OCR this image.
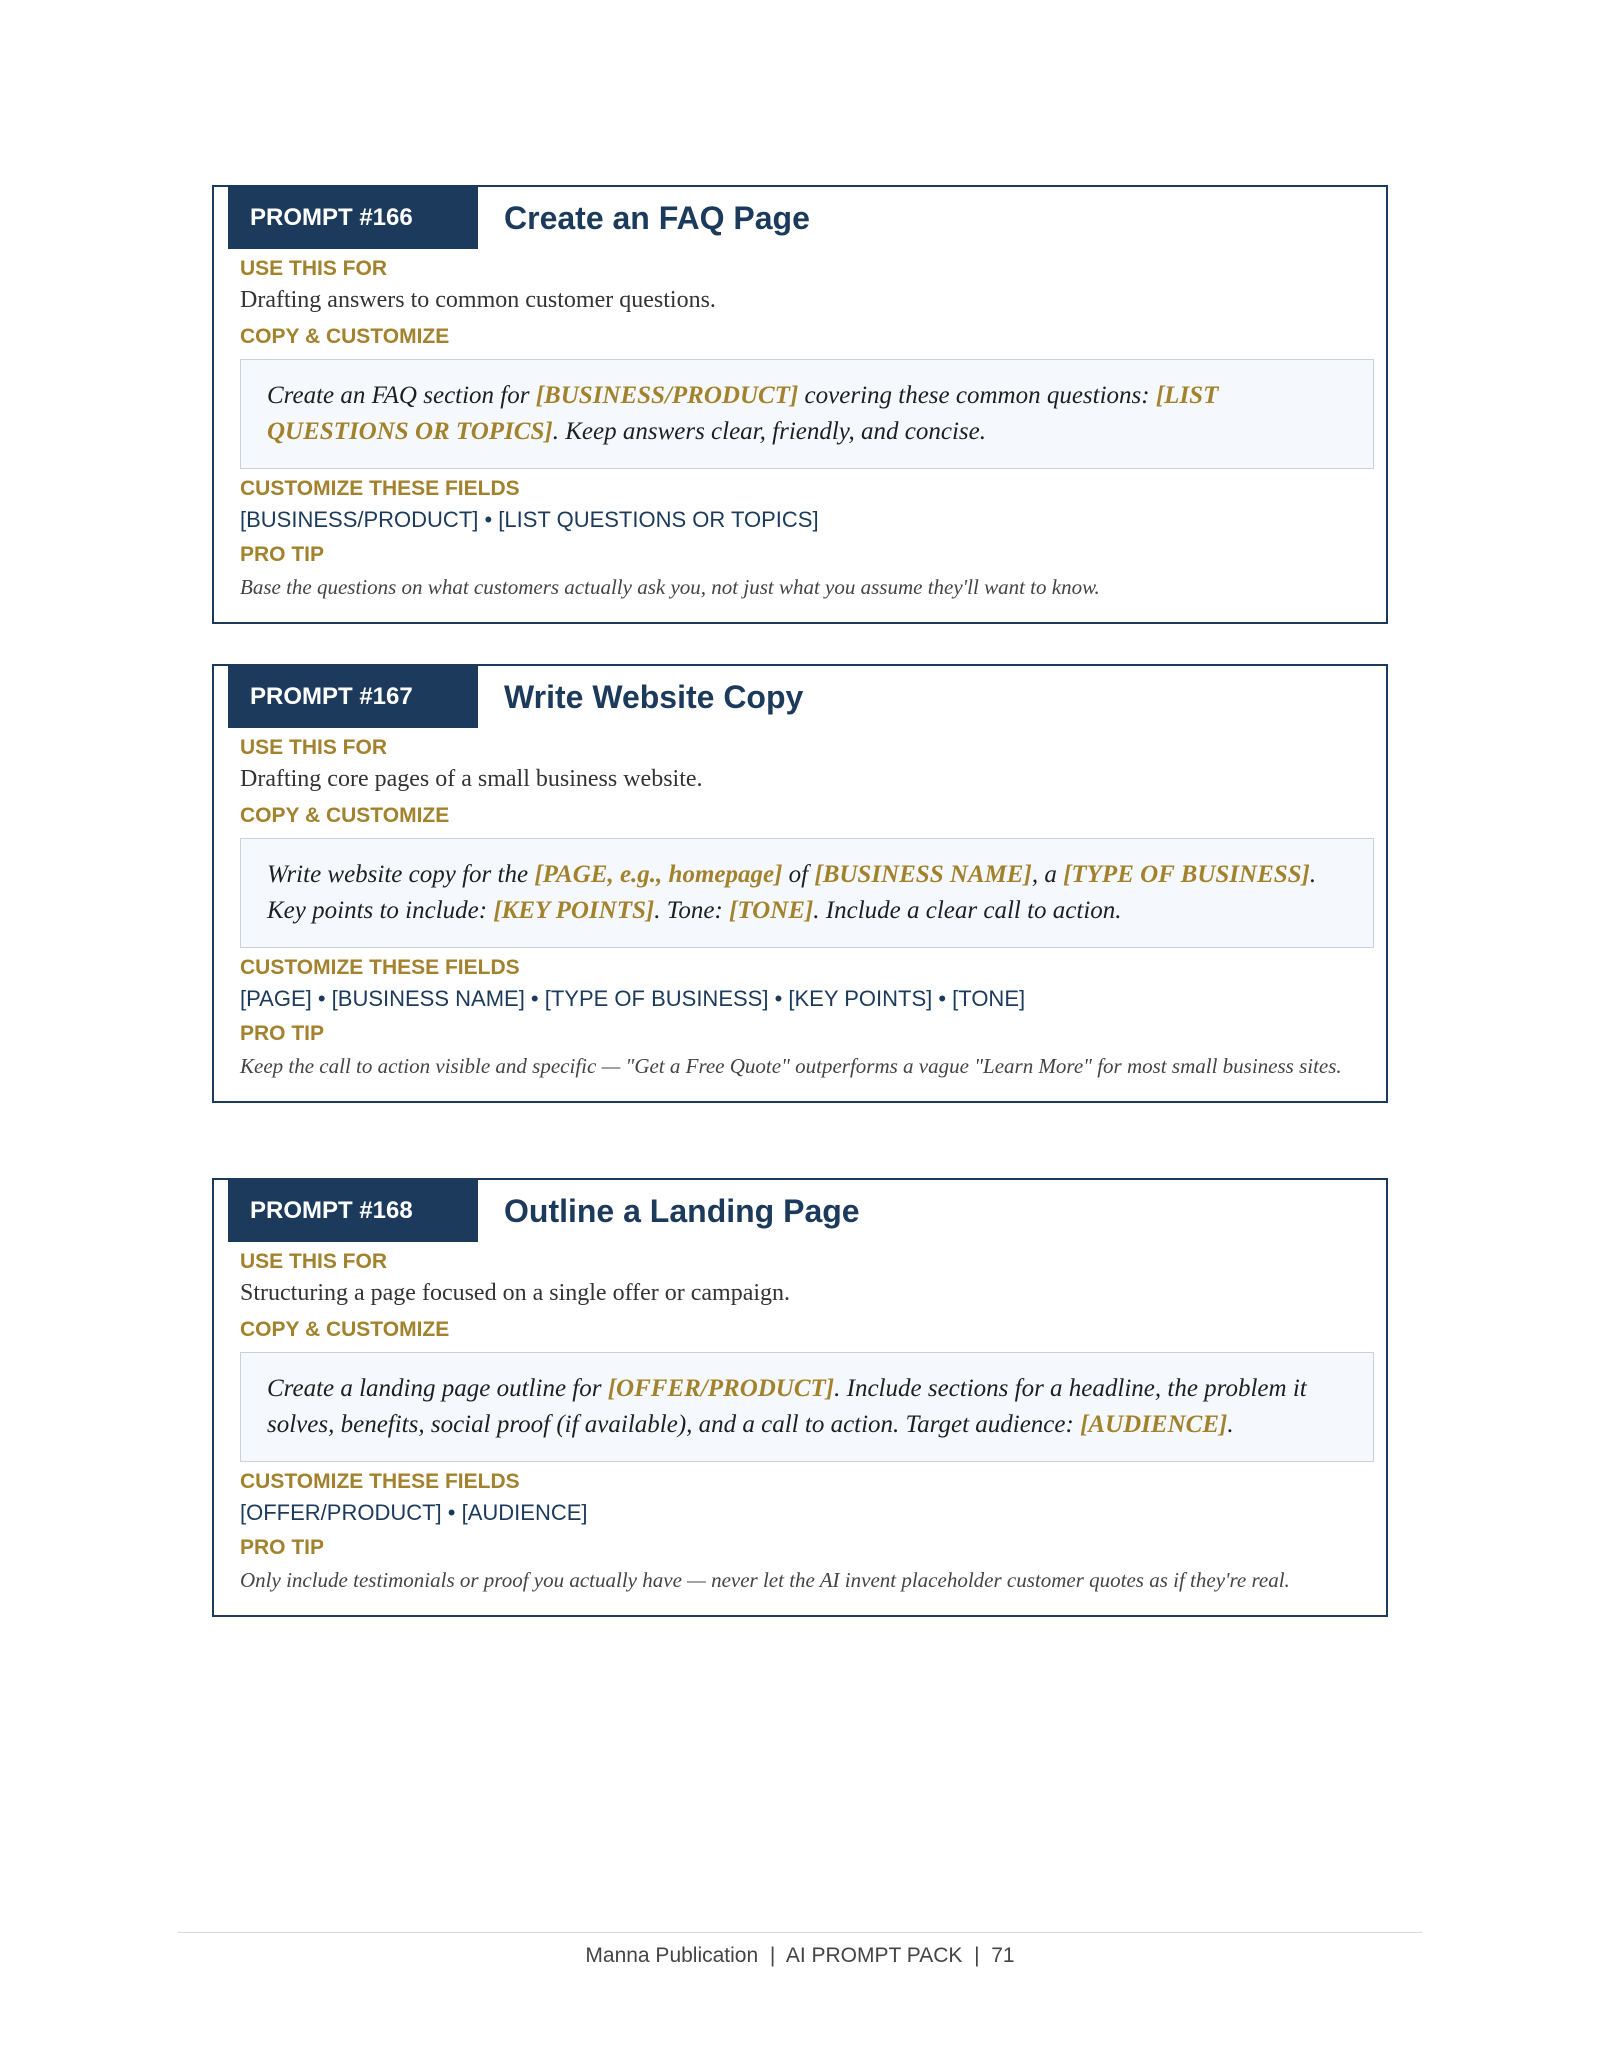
PROMPT #166	Create an FAQ Page
USE THIS FOR
Drafting answers to common customer questions.
COPY & CUSTOMIZE
Create an FAQ section for [BUSINESS/PRODUCT] covering these common questions: [LIST QUESTIONS OR TOPICS]. Keep answers clear, friendly, and concise.
CUSTOMIZE THESE FIELDS
[BUSINESS/PRODUCT] • [LIST QUESTIONS OR TOPICS]
PRO TIP
Base the questions on what customers actually ask you, not just what you assume they'll want to know.
PROMPT #167	Write Website Copy
USE THIS FOR
Drafting core pages of a small business website.
COPY & CUSTOMIZE
Write website copy for the [PAGE, e.g., homepage] of [BUSINESS NAME], a [TYPE OF BUSINESS]. Key points to include: [KEY POINTS]. Tone: [TONE]. Include a clear call to action.
CUSTOMIZE THESE FIELDS
[PAGE] • [BUSINESS NAME] • [TYPE OF BUSINESS] • [KEY POINTS] • [TONE]
PRO TIP
Keep the call to action visible and specific — "Get a Free Quote" outperforms a vague "Learn More" for most small business sites.
PROMPT #168	Outline a Landing Page
USE THIS FOR
Structuring a page focused on a single offer or campaign.
COPY & CUSTOMIZE
Create a landing page outline for [OFFER/PRODUCT]. Include sections for a headline, the problem it solves, benefits, social proof (if available), and a call to action. Target audience: [AUDIENCE].
CUSTOMIZE THESE FIELDS
[OFFER/PRODUCT] • [AUDIENCE]
PRO TIP
Only include testimonials or proof you actually have — never let the AI invent placeholder customer quotes as if they're real.
Manna Publication  |  AI PROMPT PACK  |  71
